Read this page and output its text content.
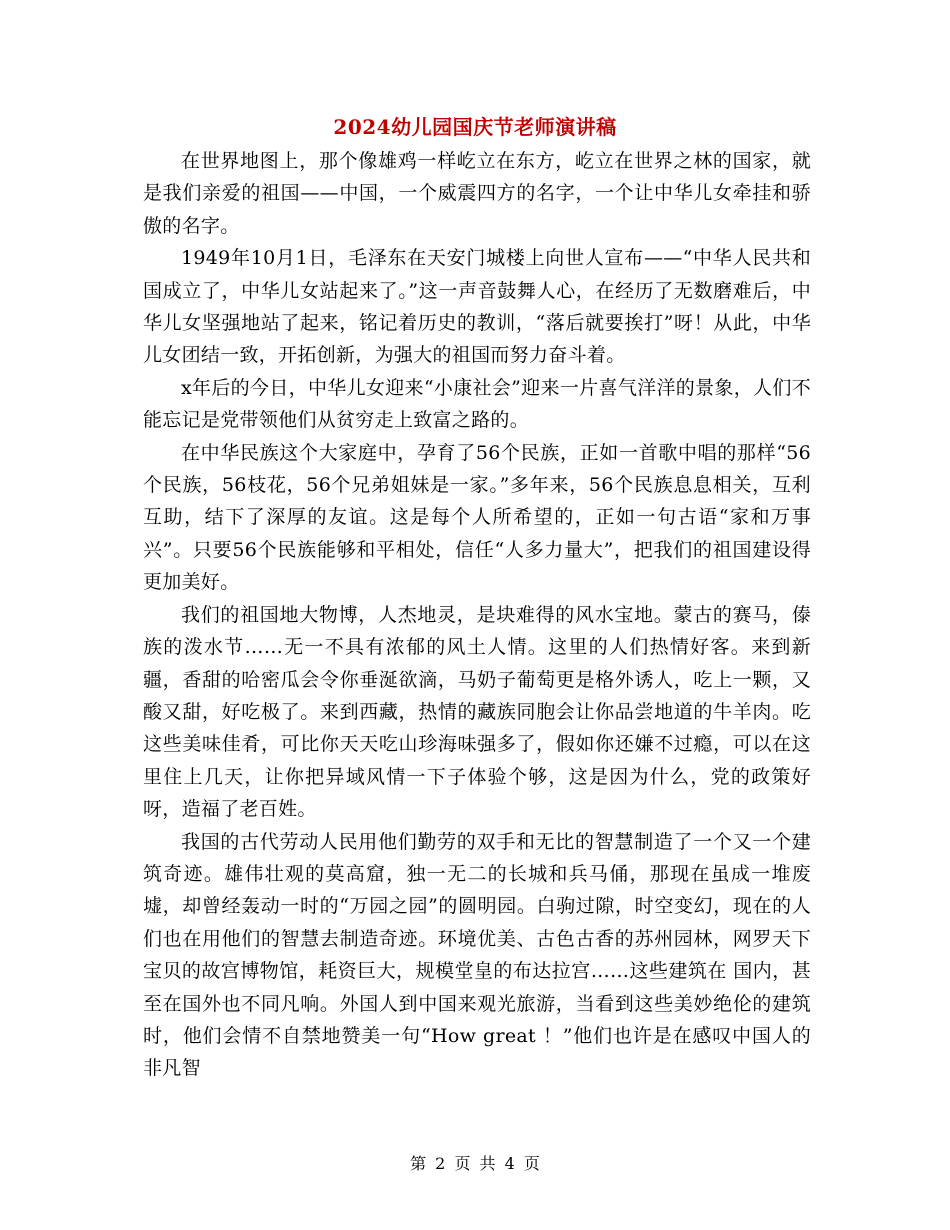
2024幼儿园国庆节老师演讲稿

在世界地图上，那个像雄鸡一样屹立在东方，屹立在世界之林的国家，就是我们亲爱的祖国——中国，一个威震四方的名字，一个让中华儿女牵挂和骄傲的名字。

1949年10月1日，毛泽东在天安门城楼上向世人宣布——“中华人民共和国成立了，中华儿女站起来了。”这一声音鼓舞人心，在经历了无数磨难后，中华儿女坚强地站了起来，铭记着历史的教训，“落后就要挨打”呀！从此，中华儿女团结一致，开拓创新，为强大的祖国而努力奋斗着。

x年后的今日，中华儿女迎来“小康社会”迎来一片喜气洋洋的景象，人们不能忘记是党带领他们从贫穷走上致富之路的。

在中华民族这个大家庭中，孕育了56个民族，正如一首歌中唱的那样“56个民族，56枝花，56个兄弟姐妹是一家。”多年来，56个民族息息相关，互利互助，结下了深厚的友谊。这是每个人所希望的，正如一句古语“家和万事兴”。只要56个民族能够和平相处，信任“人多力量大”，把我们的祖国建设得更加美好。

我们的祖国地大物博，人杰地灵，是块难得的风水宝地。蒙古的赛马，傣族的泼水节……无一不具有浓郁的风土人情。这里的人们热情好客。来到新疆，香甜的哈密瓜会令你垂涎欲滴，马奶子葡萄更是格外诱人，吃上一颗，又酸又甜，好吃极了。来到西藏，热情的藏族同胞会让你品尝地道的牛羊肉。吃这些美味佳肴，可比你天天吃山珍海味强多了，假如你还嫌不过瘾，可以在这里住上几天，让你把异域风情一下子体验个够，这是因为什么，党的政策好呀，造福了老百姓。

我国的古代劳动人民用他们勤劳的双手和无比的智慧制造了一个又一个建筑奇迹。雄伟壮观的莫高窟，独一无二的长城和兵马俑，那现在虽成一堆废墟，却曾经轰动一时的“万园之园”的圆明园。白驹过隙，时空变幻，现在的人们也在用他们的智慧去制造奇迹。环境优美、古色古香的苏州园林，网罗天下宝贝的故宫博物馆，耗资巨大，规模堂皇的布达拉宫……这些建筑在 国内，甚至在国外也不同凡响。外国人到中国来观光旅游，当看到这些美妙绝伦的建筑时，他们会情不自禁地赞美一句“How great ！”他们也许是在感叹中国人的非凡智

第 2 页 共 4 页
